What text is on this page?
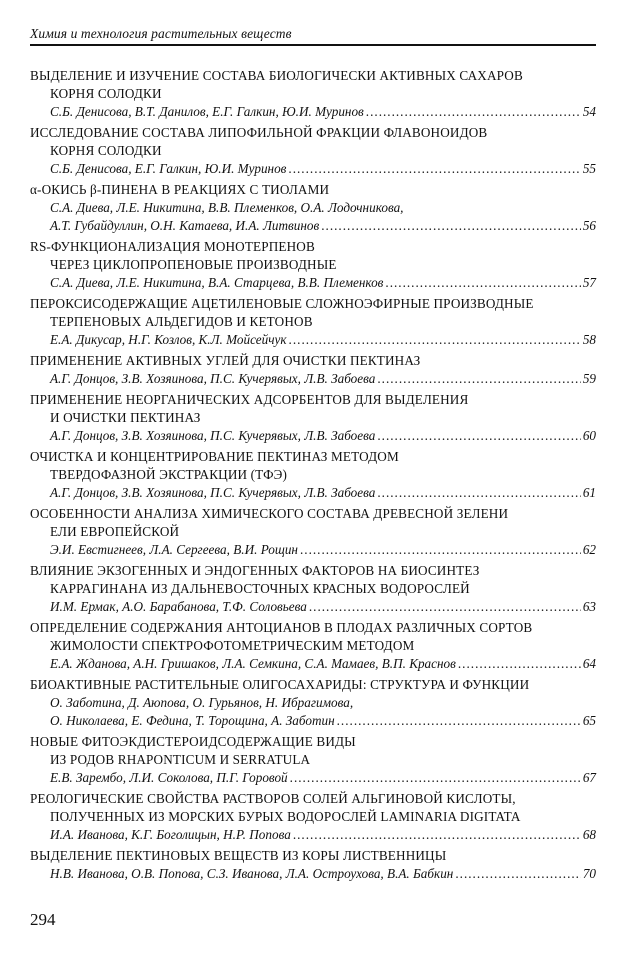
Химия и технология растительных веществ
ВЫДЕЛЕНИЕ И ИЗУЧЕНИЕ СОСТАВА БИОЛОГИЧЕСКИ АКТИВНЫХ САХАРОВ
КОРНЯ СОЛОДКИ
С.Б. Денисова, В.Т. Данилов, Е.Г. Галкин, Ю.И. Муринов .....	54
ИССЛЕДОВАНИЕ СОСТАВА ЛИПОФИЛЬНОЙ ФРАКЦИИ ФЛАВОНОИДОВ
КОРНЯ СОЛОДКИ
С.Б. Денисова, Е.Г. Галкин, Ю.И. Муринов .....	55
α-ОКИСЬ β-ПИНЕНА В РЕАКЦИЯХ С ТИОЛАМИ
С.А. Диева, Л.Е. Никитина, В.В. Племенков, О.А. Лодочникова,
А.Т. Губайдуллин, О.Н. Катаева, И.А. Литвинов .....	56
RS-ФУНКЦИОНАЛИЗАЦИЯ МОНОТЕРПЕНОВ
ЧЕРЕЗ ЦИКЛОПРОПЕНОВЫЕ ПРОИЗВОДНЫЕ
С.А. Диева, Л.Е. Никитина, В.А. Старцева, В.В. Племенков .....	57
ПЕРОКСИСОДЕРЖАЩИЕ АЦЕТИЛЕНОВЫЕ СЛОЖНОЭФИРНЫЕ ПРОИЗВОДНЫЕ
ТЕРПЕНОВЫХ АЛЬДЕГИДОВ И КЕТОНОВ
Е.А. Дикусар, Н.Г. Козлов, К.Л. Мойсейчук .....	58
ПРИМЕНЕНИЕ АКТИВНЫХ УГЛЕЙ ДЛЯ ОЧИСТКИ ПЕКТИНАЗ
А.Г. Донцов, З.В. Хозяинова, П.С. Кучерявых, Л.В. Забоева .....	59
ПРИМЕНЕНИЕ НЕОРГАНИЧЕСКИХ АДСОРБЕНТОВ ДЛЯ ВЫДЕЛЕНИЯ
И ОЧИСТКИ ПЕКТИНАЗ
А.Г. Донцов, З.В. Хозяинова, П.С. Кучерявых, Л.В. Забоева .....	60
ОЧИСТКА И КОНЦЕНТРИРОВАНИЕ ПЕКТИНАЗ МЕТОДОМ
ТВЕРДОФАЗНОЙ ЭКСТРАКЦИИ (ТФЭ)
А.Г. Донцов, З.В. Хозяинова, П.С. Кучерявых, Л.В. Забоева .....	61
ОСОБЕННОСТИ АНАЛИЗА ХИМИЧЕСКОГО СОСТАВА ДРЕВЕСНОЙ ЗЕЛЕНИ
ЕЛИ ЕВРОПЕЙСКОЙ
Э.И. Евстигнеев, Л.А. Сергеева, В.И. Рощин .....	62
ВЛИЯНИЕ ЭКЗОГЕННЫХ И ЭНДОГЕННЫХ ФАКТОРОВ НА БИОСИНТЕЗ
КАРРАГИНАНА ИЗ ДАЛЬНЕВОСТОЧНЫХ КРАСНЫХ ВОДОРОСЛЕЙ
И.М. Ермак, А.О. Барабанова, Т.Ф. Соловьева .....	63
ОПРЕДЕЛЕНИЕ СОДЕРЖАНИЯ АНТОЦИАНОВ В ПЛОДАХ РАЗЛИЧНЫХ СОРТОВ
ЖИМОЛОСТИ СПЕКТРОФОТОМЕТРИЧЕСКИМ МЕТОДОМ
Е.А. Жданова, А.Н. Гришаков, Л.А. Семкина, С.А. Мамаев, В.П. Краснов .....	64
БИОАКТИВНЫЕ РАСТИТЕЛЬНЫЕ ОЛИГОСАХАРИДЫ: СТРУКТУРА И ФУНКЦИИ
О. Заботина, Д. Аюпова, О. Гурьянов, Н. Ибрагимова,
О. Николаева, Е. Федина, Т. Торощина, А. Заботин .....	65
НОВЫЕ ФИТОЭКДИСТЕРОИДСОДЕРЖАЩИЕ ВИДЫ
ИЗ РОДОВ RHAPONTICUM И SERRATULA
Е.В. Зарембо, Л.И. Соколова, П.Г. Горовой .....	67
РЕОЛОГИЧЕСКИЕ СВОЙСТВА РАСТВОРОВ СОЛЕЙ АЛЬГИНОВОЙ КИСЛОТЫ,
ПОЛУЧЕННЫХ ИЗ МОРСКИХ БУРЫХ ВОДОРОСЛЕЙ LAMINARIA DIGITATA
И.А. Иванова, К.Г. Боголицын, Н.Р. Попова .....	68
ВЫДЕЛЕНИЕ ПЕКТИНОВЫХ ВЕЩЕСТВ ИЗ КОРЫ ЛИСТВЕННИЦЫ
Н.В. Иванова, О.В. Попова, С.З. Иванова, Л.А. Остроухова, В.А. Бабкин .....	70
294
